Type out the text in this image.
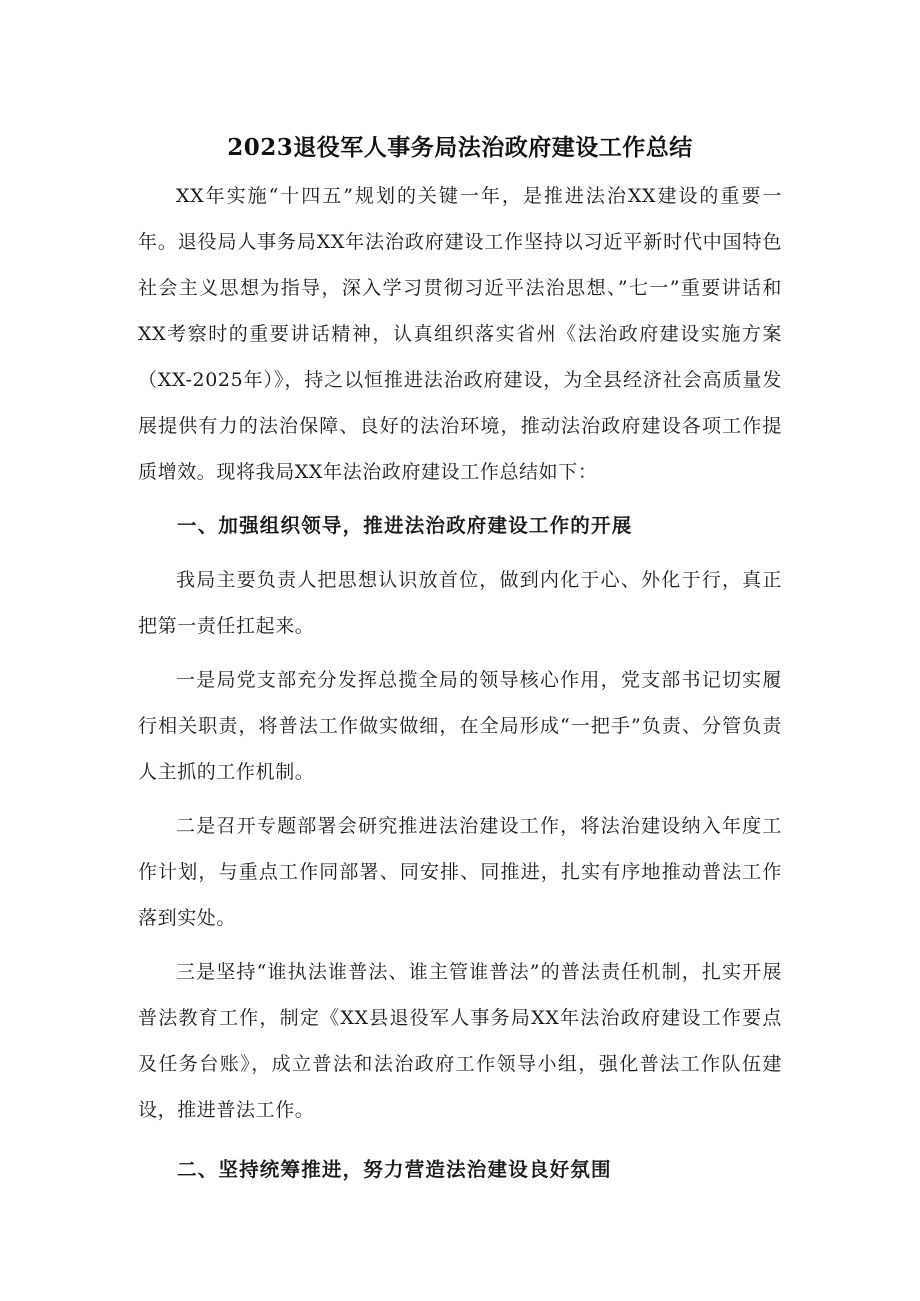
2023退役军人事务局法治政府建设工作总结

XX年实施“十四五”规划的关键一年，是推进法治XX建设的重要一年。退役局人事务局XX年法治政府建设工作坚持以习近平新时代中国特色社会主义思想为指导，深入学习贯彻习近平法治思想、”七一”重要讲话和XX考察时的重要讲话精神，认真组织落实省州《法治政府建设实施方案（XX-2025年）》，持之以恒推进法治政府建设，为全县经济社会高质量发展提供有力的法治保障、良好的法治环境，推动法治政府建设各项工作提质增效。现将我局XX年法治政府建设工作总结如下：

一、加强组织领导，推进法治政府建设工作的开展

我局主要负责人把思想认识放首位，做到内化于心、外化于行，真正把第一责任扛起来。

一是局党支部充分发挥总揽全局的领导核心作用，党支部书记切实履行相关职责，将普法工作做实做细，在全局形成“一把手”负责、分管负责人主抓的工作机制。

二是召开专题部署会研究推进法治建设工作，将法治建设纳入年度工作计划，与重点工作同部署、同安排、同推进，扎实有序地推动普法工作落到实处。

三是坚持“谁执法谁普法、谁主管谁普法”的普法责任机制，扎实开展普法教育工作，制定《XX县退役军人事务局XX年法治政府建设工作要点及任务台账》，成立普法和法治政府工作领导小组，强化普法工作队伍建设，推进普法工作。

二、坚持统筹推进，努力营造法治建设良好氛围
